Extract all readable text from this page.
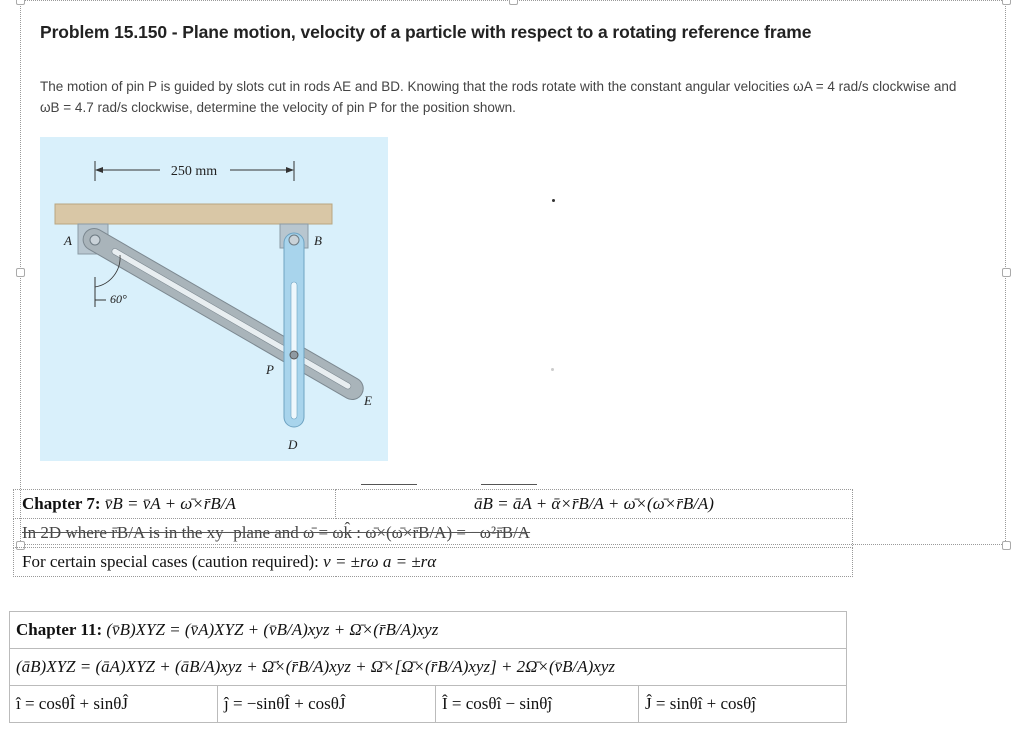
Problem 15.150 - Plane motion, velocity of a particle with respect to a rotating reference frame
The motion of pin P is guided by slots cut in rods AE and BD. Knowing that the rods rotate with the constant angular velocities ωA = 4 rad/s clockwise and ωB = 4.7 rad/s clockwise, determine the velocity of pin P for the position shown.
250 mm
A	B
P
D
E
60°
Chapter 7: v̄B = v̄A + ω̄×r̄B/A	āB = āA + ᾱ×r̄B/A + ω̄×(ω̄×r̄B/A)
In 2D where r̄B/A is in the xy−plane and ω̄ = ωk̂ : ω̄×(ω̄×r̄B/A) = −ω²r̄B/A
For certain special cases (caution required): v = ±rω a = ±rα
Chapter 11: (v̄B)XYZ = (v̄A)XYZ + (v̄B/A)xyz + Ω̄×(r̄B/A)xyz
(āB)XYZ = (āA)XYZ + (āB/A)xyz + Ω̄̇×(r̄B/A)xyz + Ω̄×[Ω̄×(r̄B/A)xyz] + 2Ω̄×(v̄B/A)xyz
î = cosθÎ + sinθĴ	ĵ = −sinθÎ + cosθĴ	Î = cosθî − sinθĵ	Ĵ = sinθî + cosθĵ
